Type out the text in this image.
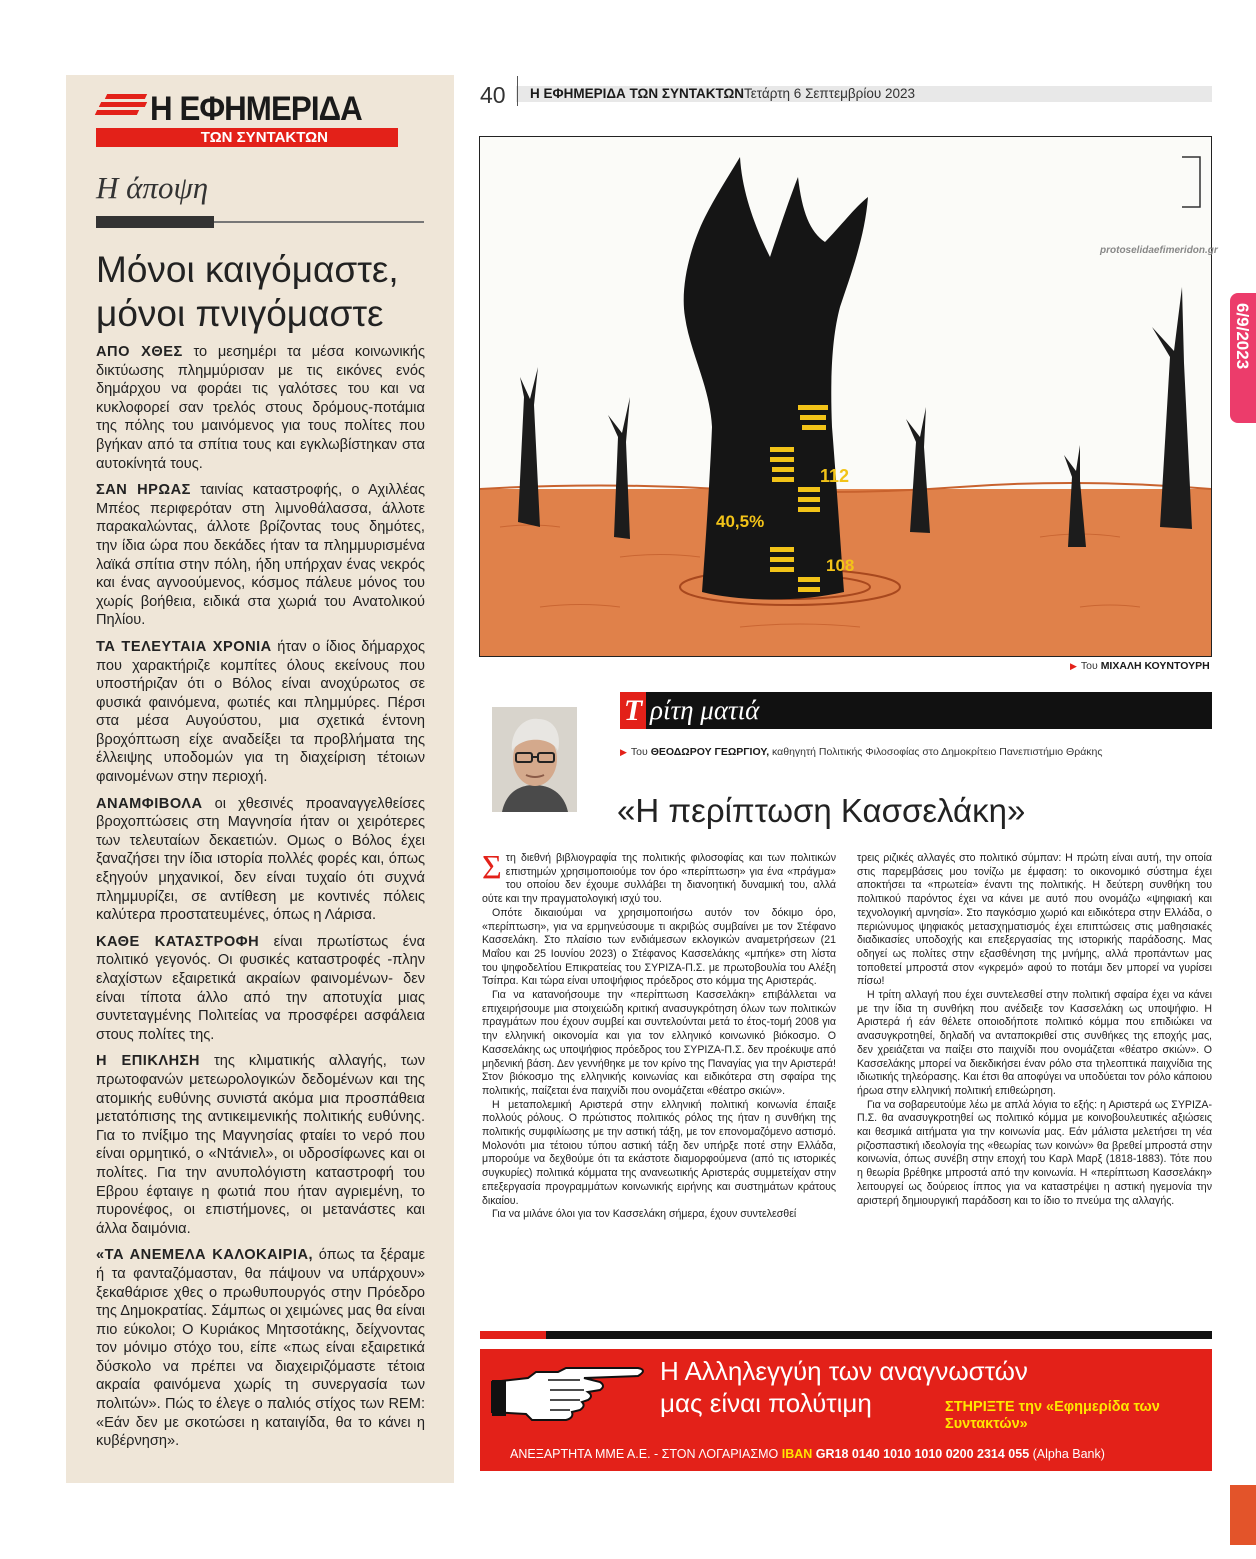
Η ΕΦΗΜΕΡΙΔΑ
ΤΩΝ ΣΥΝΤΑΚΤΩΝ
Η άποψη
Μόνοι καιγόμαστε, μόνοι πνιγόμαστε

ΑΠΟ ΧΘΕΣ το μεσημέρι τα μέσα κοινωνικής δικτύωσης πλημμύρισαν με τις εικόνες ενός δημάρχου να φοράει τις γαλότσες του και να κυκλοφορεί σαν τρελός στους δρόμους-ποτάμια της πόλης του μαινόμενος για τους πολίτες που βγήκαν από τα σπίτια τους και εγκλωβίστηκαν στα αυτοκίνητά τους.

ΣΑΝ ΗΡΩΑΣ ταινίας καταστροφής, ο Αχιλλέας Μπέος περιφερόταν στη λιμνοθάλασσα, άλλοτε παρακαλώντας, άλλοτε βρίζοντας τους δημότες, την ίδια ώρα που δεκάδες ήταν τα πλημμυρισμένα λαϊκά σπίτια στην πόλη, ήδη υπήρχαν ένας νεκρός και ένας αγνοούμενος, κόσμος πάλευε μόνος του χωρίς βοήθεια, ειδικά στα χωριά του Ανατολικού Πηλίου.

ΤΑ ΤΕΛΕΥΤΑΙΑ ΧΡΟΝΙΑ ήταν ο ίδιος δήμαρχος που χαρακτήριζε κομπίτες όλους εκείνους που υποστήριζαν ότι ο Βόλος είναι ανοχύρωτος σε φυσικά φαινόμενα, φωτιές και πλημμύρες. Πέρσι στα μέσα Αυγούστου, μια σχετικά έντονη βροχόπτωση είχε αναδείξει τα προβλήματα της έλλειψης υποδομών για τη διαχείριση τέτοιων φαινομένων στην περιοχή.

ΑΝΑΜΦΙΒΟΛΑ οι χθεσινές προαναγγελθείσες βροχοπτώσεις στη Μαγνησία ήταν οι χειρότερες των τελευταίων δεκαετιών. Ομως ο Βόλος έχει ξαναζήσει την ίδια ιστορία πολλές φορές και, όπως εξηγούν μηχανικοί, δεν είναι τυχαίο ότι συχνά πλημμυρίζει, σε αντίθεση με κοντινές πόλεις καλύτερα προστατευμένες, όπως η Λάρισα.

ΚΑΘΕ ΚΑΤΑΣΤΡΟΦΗ είναι πρωτίστως ένα πολιτικό γεγονός. Οι φυσικές καταστροφές -πλην ελαχίστων εξαιρετικά ακραίων φαινομένων- δεν είναι τίποτα άλλο από την αποτυχία μιας συντεταγμένης Πολιτείας να προσφέρει ασφάλεια στους πολίτες της.

Η ΕΠΙΚΛΗΣΗ της κλιματικής αλλαγής, των πρωτοφανών μετεωρολογικών δεδομένων και της ατομικής ευθύνης συνιστά ακόμα μια προσπάθεια μετατόπισης της αντικειμενικής πολιτικής ευθύνης. Για το πνίξιμο της Μαγνησίας φταίει το νερό που είναι ορμητικό, ο «Ντάνιελ», οι υδροσίφωνες και οι πολίτες. Για την ανυπολόγιστη καταστροφή του Εβρου έφταιγε η φωτιά που ήταν αγριεμένη, το πυρονέφος, οι επιστήμονες, οι μετανάστες και άλλα δαιμόνια.

«ΤΑ ΑΝΕΜΕΛΑ ΚΑΛΟΚΑΙΡΙΑ, όπως τα ξέραμε ή τα φανταζόμασταν, θα πάψουν να υπάρχουν» ξεκαθάρισε χθες ο πρωθυπουργός στην Πρόεδρο της Δημοκρατίας. Σάμπως οι χειμώνες μας θα είναι πιο εύκολοι; Ο Κυριάκος Μητσοτάκης, δείχνοντας τον μόνιμο στόχο του, είπε «πως είναι εξαιρετικά δύσκολο να πρέπει να διαχειριζόμαστε τέτοια ακραία φαινόμενα χωρίς τη συνεργασία των πολιτών». Πώς το έλεγε ο παλιός στίχος των REM: «Εάν δεν με σκοτώσει η καταιγίδα, θα το κάνει η κυβέρνηση».

40 Η ΕΦΗΜΕΡΙΔΑ ΤΩΝ ΣΥΝΤΑΚΤΩΝ Τετάρτη 6 Σεπτεμβρίου 2023
112
40,5%
108
protoselidaefimeridon.gr
▶ Του ΜΙΧΑΛΗ ΚΟΥΝΤΟΥΡΗ
6/9/2023
Τ ρίτη ματιά
▶ Του ΘΕΟΔΩΡΟΥ ΓΕΩΡΓΙΟΥ, καθηγητή Πολιτικής Φιλοσοφίας στο Δημοκρίτειο Πανεπιστήμιο Θράκης
«Η περίπτωση Κασσελάκη»

Στη διεθνή βιβλιογραφία της πολιτικής φιλοσοφίας και των πολιτικών επιστημών χρησιμοποιούμε τον όρο «περίπτωση» για ένα «πράγμα» του οποίου δεν έχουμε συλλάβει τη διανοητική δυναμική του, αλλά ούτε και την πραγματολογική ισχύ του.

Οπότε δικαιούμαι να χρησιμοποιήσω αυτόν τον δόκιμο όρο, «περίπτωση», για να ερμηνεύσουμε τι ακριβώς συμβαίνει με τον Στέφανο Κασσελάκη. Στο πλαίσιο των ενδιάμεσων εκλογικών αναμετρήσεων (21 Μαΐου και 25 Ιουνίου 2023) ο Στέφανος Κασσελάκης «μπήκε» στη λίστα του ψηφοδελτίου Επικρατείας του ΣΥΡΙΖΑ-Π.Σ. με πρωτοβουλία του Αλέξη Τσίπρα. Και τώρα είναι υποψήφιος πρόεδρος στο κόμμα της Αριστεράς.

Για να κατανοήσουμε την «περίπτωση Κασσελάκη» επιβάλλεται να επιχειρήσουμε μια στοιχειώδη κριτική ανασυγκρότηση όλων των πολιτικών πραγμάτων που έχουν συμβεί και συντελούνται μετά το έτος-τομή 2008 για την ελληνική οικονομία και για τον ελληνικό κοινωνικό βιόκοσμο. Ο Κασσελάκης ως υποψήφιος πρόεδρος του ΣΥΡΙΖΑ-Π.Σ. δεν προέκυψε από μηδενική βάση. Δεν γεννήθηκε με τον κρίνο της Παναγίας για την Αριστερά! Στον βιόκοσμο της ελληνικής κοινωνίας και ειδικότερα στη σφαίρα της πολιτικής, παίζεται ένα παιχνίδι που ονομάζεται «θέατρο σκιών».

Η μεταπολεμική Αριστερά στην ελληνική πολιτική κοινωνία έπαιξε πολλούς ρόλους. Ο πρώτιστος πολιτικός ρόλος της ήταν η συνθήκη της πολιτικής συμφιλίωσης με την αστική τάξη, με τον επονομαζόμενο αστισμό. Μολονότι μια τέτοιου τύπου αστική τάξη δεν υπήρξε ποτέ στην Ελλάδα, μπορούμε να δεχθούμε ότι τα εκάστοτε διαμορφούμενα (από τις ιστορικές συγκυρίες) πολιτικά κόμματα της ανανεωτικής Αριστεράς συμμετείχαν στην επεξεργασία προγραμμάτων κοινωνικής ειρήνης και συστημάτων κράτους δικαίου.

Για να μιλάνε όλοι για τον Κασσελάκη σήμερα, έχουν συντελεσθεί

τρεις ριζικές αλλαγές στο πολιτικό σύμπαν: Η πρώτη είναι αυτή, την οποία στις παρεμβάσεις μου τονίζω με έμφαση: το οικονομικό σύστημα έχει αποκτήσει τα «πρωτεία» έναντι της πολιτικής. Η δεύτερη συνθήκη του πολιτικού παρόντος έχει να κάνει με αυτό που ονομάζω «ψηφιακή και τεχνολογική αμνησία». Στο παγκόσμιο χωριό και ειδικότερα στην Ελλάδα, ο περιώνυμος ψηφιακός μετασχηματισμός έχει επιπτώσεις στις μαθησιακές διαδικασίες υποδοχής και επεξεργασίας της ιστορικής παράδοσης. Μας οδηγεί ως πολίτες στην εξασθένηση της μνήμης, αλλά προπάντων μας τοποθετεί μπροστά στον «γκρεμό» αφού το ποτάμι δεν μπορεί να γυρίσει πίσω!

Η τρίτη αλλαγή που έχει συντελεσθεί στην πολιτική σφαίρα έχει να κάνει με την ίδια τη συνθήκη που ανέδειξε τον Κασσελάκη ως υποψήφιο. Η Αριστερά ή εάν θέλετε οποιοδήποτε πολιτικό κόμμα που επιδιώκει να ανασυγκροτηθεί, δηλαδή να ανταποκριθεί στις συνθήκες της εποχής μας, δεν χρειάζεται να παίξει στο παιχνίδι που ονομάζεται «θέατρο σκιών». Ο Κασσελάκης μπορεί να διεκδικήσει έναν ρόλο στα τηλεοπτικά παιχνίδια της ιδιωτικής τηλεόρασης. Και έτσι θα αποφύγει να υποδύεται τον ρόλο κάποιου ήρωα στην ελληνική πολιτική επιθεώρηση.

Για να σοβαρευτούμε λέω με απλά λόγια το εξής: η Αριστερά ως ΣΥΡΙΖΑ-Π.Σ. θα ανασυγκροτηθεί ως πολιτικό κόμμα με κοινοβουλευτικές αξιώσεις και θεσμικά αιτήματα για την κοινωνία μας. Εάν μάλιστα μελετήσει τη νέα ριζοσπαστική ιδεολογία της «θεωρίας των κοινών» θα βρεθεί μπροστά στην κοινωνία, όπως συνέβη στην εποχή του Καρλ Μαρξ (1818-1883). Τότε που η θεωρία βρέθηκε μπροστά από την κοινωνία. Η «περίπτωση Κασσελάκη» λειτουργεί ως δούρειος ίππος για να καταστρέψει η αστική ηγεμονία την αριστερή δημιουργική παράδοση και το ίδιο το πνεύμα της αλλαγής.

Η Αλληλεγγύη των αναγνωστών
μας είναι πολύτιμη	ΣΤΗΡΙΞΤΕ την «Εφημερίδα των Συντακτών»
ΑΝΕΞΑΡΤΗΤΑ ΜΜΕ Α.Ε. - ΣΤΟΝ ΛΟΓΑΡΙΑΣΜΟ IBAN GR18 0140 1010 1010 0200 2314 055 (Alpha Bank)
